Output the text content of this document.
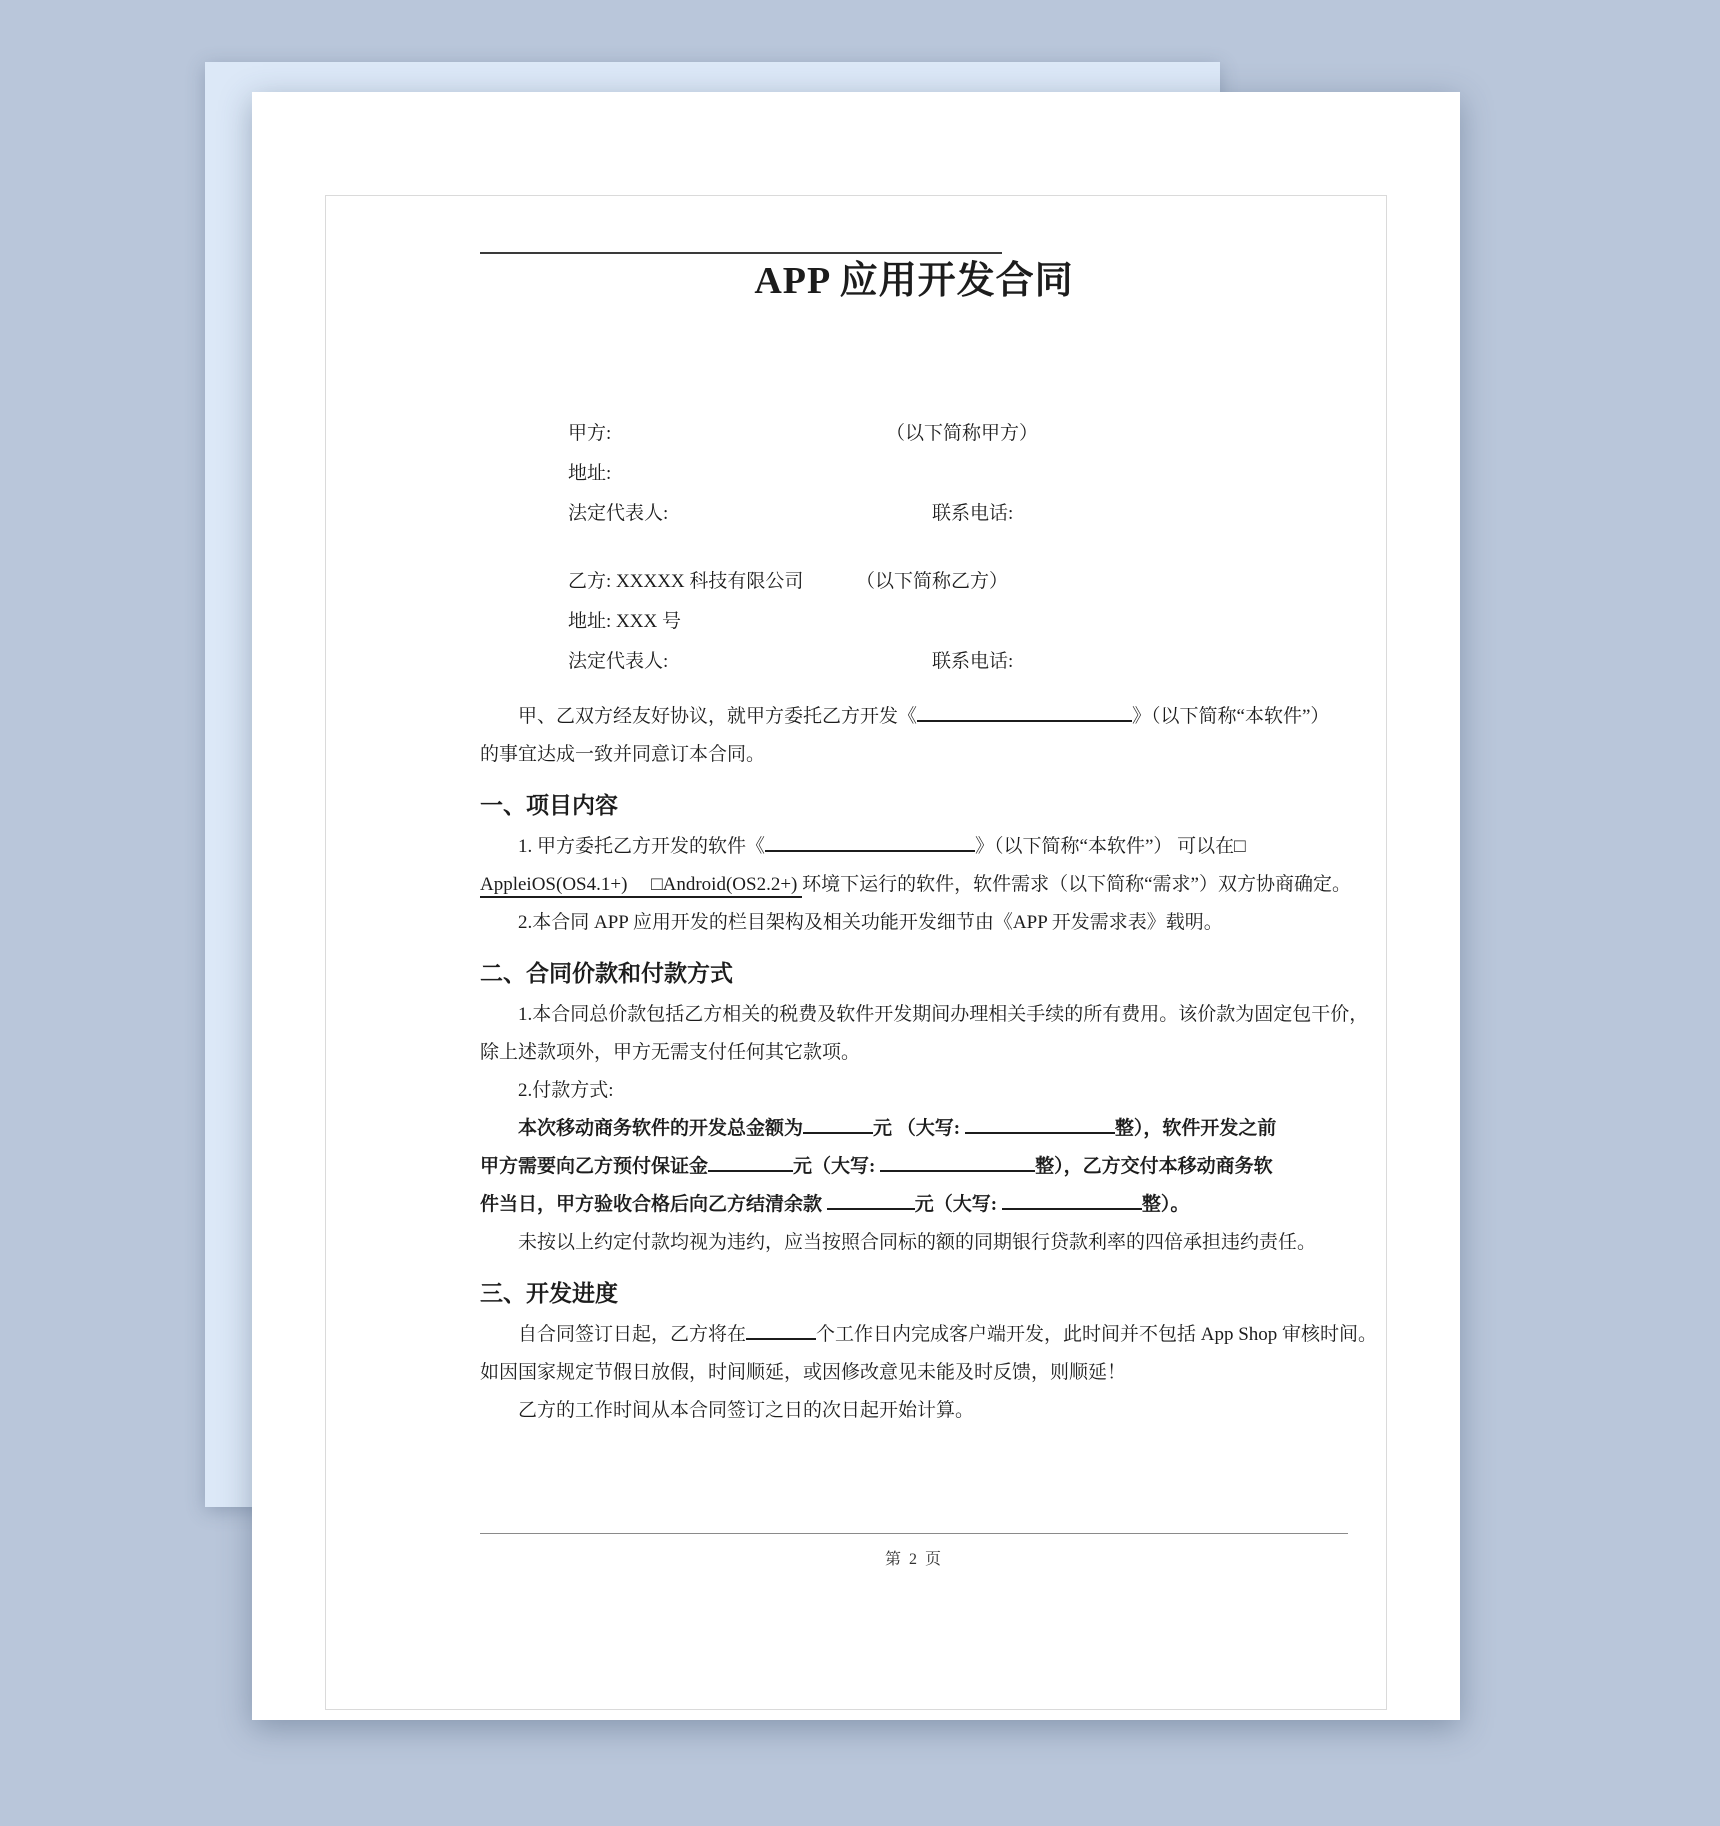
APP 应用开发合同
甲方:	（以下简称甲方）
地址:
法定代表人:	联系电话:
乙方: XXXXX 科技有限公司	（以下简称乙方）
地址: XXX 号
法定代表人:	联系电话:
甲、乙双方经友好协议，就甲方委托乙方开发《	》（以下简称“本软件”）
的事宜达成一致并同意订本合同。
一、项目内容
1. 甲方委托乙方开发的软件《	》（以下简称“本软件”） 可以在□
AppleiOS(OS4.1+)　 □Android(OS2.2+) 环境下运行的软件，软件需求（以下简称“需求”）双方协商确定。
2.本合同 APP 应用开发的栏目架构及相关功能开发细节由《APP 开发需求表》载明。
二、合同价款和付款方式
1.本合同总价款包括乙方相关的税费及软件开发期间办理相关手续的所有费用。该价款为固定包干价，
除上述款项外，甲方无需支付任何其它款项。
2.付款方式:
本次移动商务软件的开发总金额为	元 （大写:	整），软件开发之前
甲方需要向乙方预付保证金	元（大写:	整），乙方交付本移动商务软
件当日，甲方验收合格后向乙方结清余款	元（大写:	整）。
未按以上约定付款均视为违约，应当按照合同标的额的同期银行贷款利率的四倍承担违约责任。
三、开发进度
自合同签订日起，乙方将在	个工作日内完成客户端开发，此时间并不包括 App Shop 审核时间。
如因国家规定节假日放假，时间顺延，或因修改意见未能及时反馈，则顺延！
乙方的工作时间从本合同签订之日的次日起开始计算。
第 2 页
